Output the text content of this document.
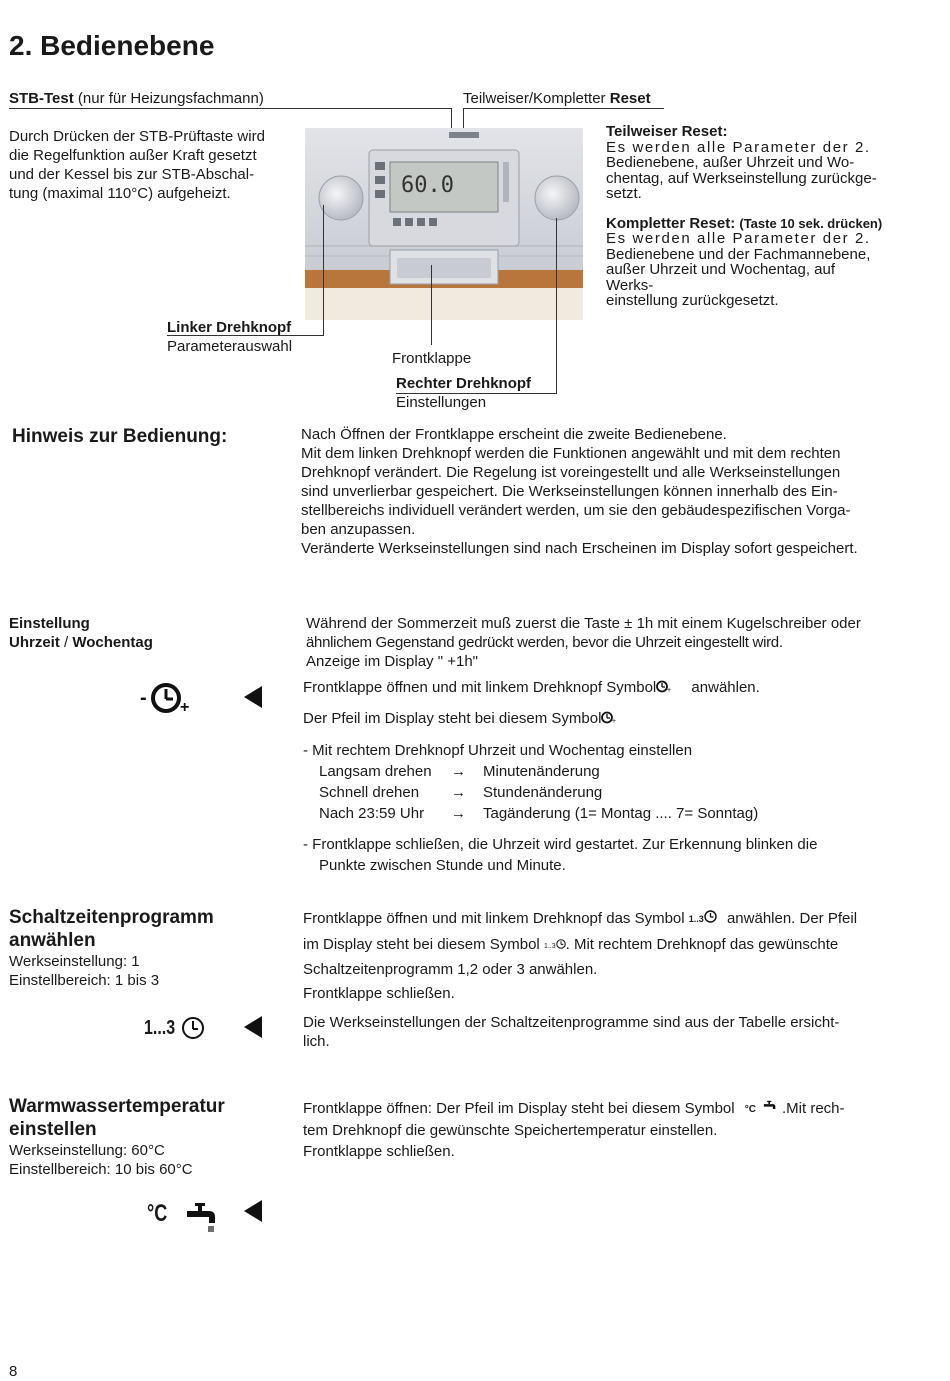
2. Bedienebene
STB-Test (nur für Heizungsfachmann)
Durch Drücken der STB-Prüftaste wird
die Regelfunktion außer Kraft gesetzt
und der Kessel bis zur STB-Abschal-
tung (maximal 110°C) aufgeheizt.
Teilweiser/Kompletter Reset
Teilweiser Reset:
Es werden alle Parameter der 2.
Bedienebene, außer Uhrzeit und Wo-
chentag, auf Werkseinstellung zurückge-
setzt.
Kompletter Reset: (Taste 10 sek. drücken)
Es werden alle Parameter der 2.
Bedienebene und der Fachmannebene,
außer Uhrzeit und Wochentag, auf Werks-
einstellung zurückgesetzt.
60.0
Linker Drehknopf
Parameterauswahl
Frontklappe
Rechter Drehknopf
Einstellungen
Hinweis zur Bedienung:	Nach Öffnen der Frontklappe erscheint die zweite Bedienebene.
Mit dem linken Drehknopf werden die Funktionen angewählt und mit dem rechten
Drehknopf verändert. Die Regelung ist voreingestellt und alle Werkseinstellungen
sind unverlierbar gespeichert. Die Werkseinstellungen können innerhalb des Ein-
stellbereichs individuell verändert werden, um sie den gebäudespezifischen Vorga-
ben anzupassen.
Veränderte Werkseinstellungen sind nach Erscheinen im Display sofort gespeichert.
Einstellung
Uhrzeit / Wochentag
- +
Während der Sommerzeit muß zuerst die Taste ± 1h mit einem Kugelschreiber oder
ähnlichem Gegenstand gedrückt werden, bevor die Uhrzeit eingestellt wird.
Anzeige im Display " +1h"
Frontklappe öffnen und mit linkem Drehknopf Symbol + anwählen.
Der Pfeil im Display steht bei diesem Symbol +
- Mit rechtem Drehknopf Uhrzeit und Wochentag einstellen
Langsam drehen → Minutenänderung
Schnell drehen → Stundenänderung
Nach 23:59 Uhr → Tagänderung (1= Montag .... 7= Sonntag)
- Frontklappe schließen, die Uhrzeit wird gestartet. Zur Erkennung blinken die
Punkte zwischen Stunde und Minute.
Schaltzeitenprogramm
anwählen
Werkseinstellung: 1
Einstellbereich: 1 bis 3
1...3
Frontklappe öffnen und mit linkem Drehknopf das Symbol 1..3 anwählen. Der Pfeil
im Display steht bei diesem Symbol 1..3 . Mit rechtem Drehknopf das gewünschte
Schaltzeitenprogramm 1,2 oder 3 anwählen.
Frontklappe schließen.
Die Werkseinstellungen der Schaltzeitenprogramme sind aus der Tabelle ersicht-
lich.
Warmwassertemperatur
einstellen
Werkseinstellung: 60°C
Einstellbereich: 10 bis 60°C
°C
Frontklappe öffnen: Der Pfeil im Display steht bei diesem Symbol °C .Mit rech-
tem Drehknopf die gewünschte Speichertemperatur einstellen.
Frontklappe schließen.
8
